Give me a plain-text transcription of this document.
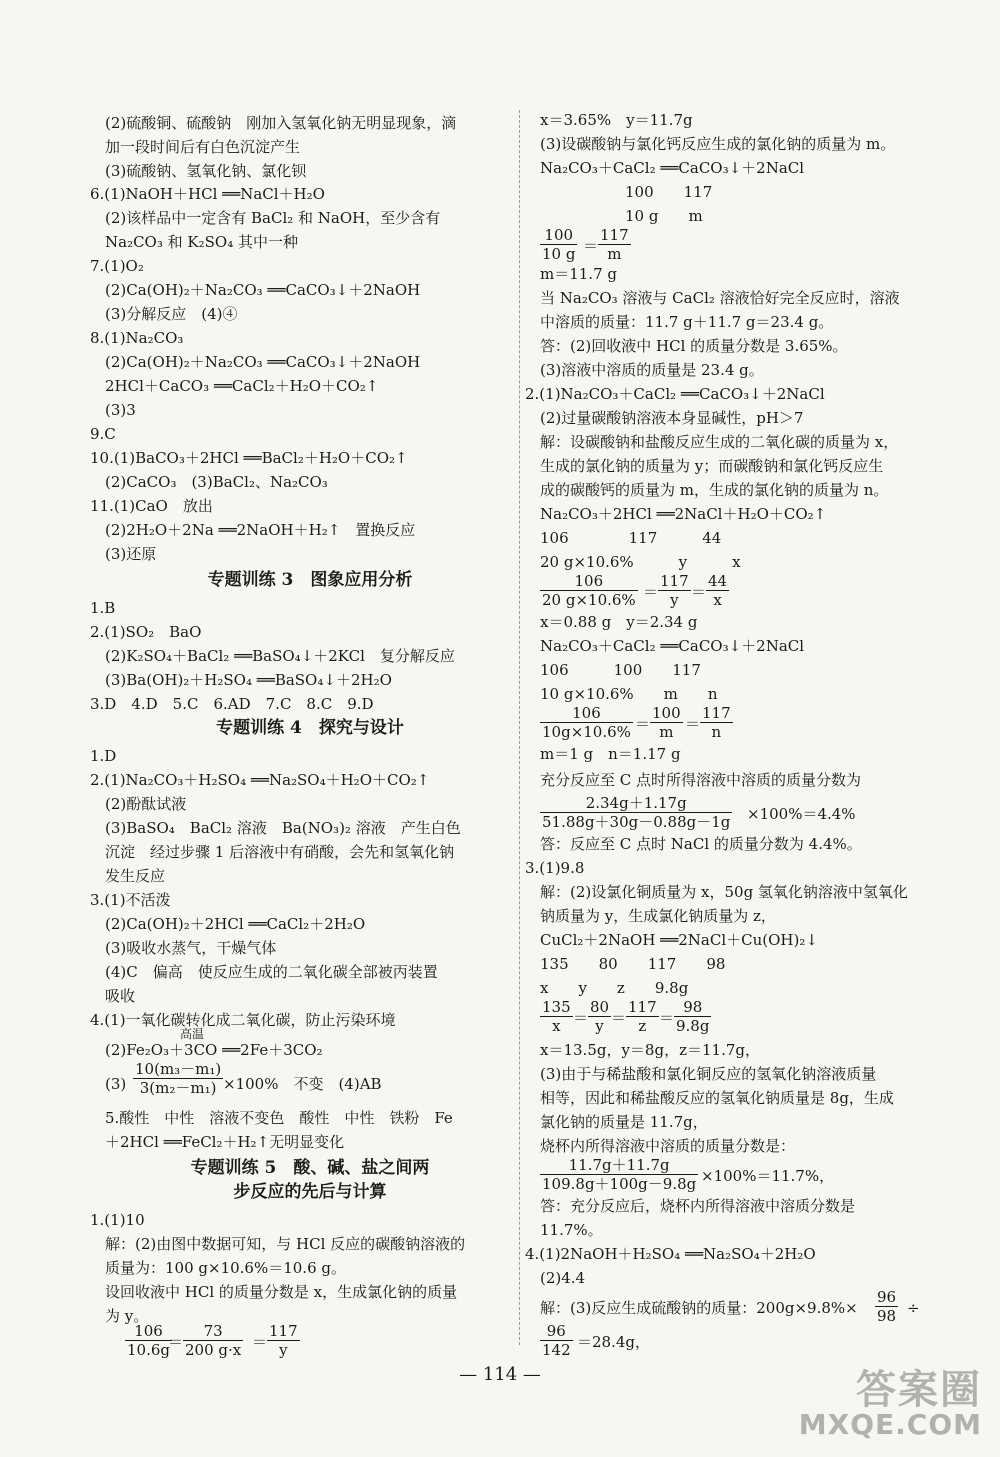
(2)硫酸铜、硫酸钠　刚加入氢氧化钠无明显现象，滴
加一段时间后有白色沉淀产生
(3)硫酸钠、氢氧化钠、氯化钡
6.(1)NaOH＋HCl ══NaCl＋H₂O
(2)该样品中一定含有 BaCl₂ 和 NaOH，至少含有
Na₂CO₃ 和 K₂SO₄ 其中一种
7.(1)O₂
(2)Ca(OH)₂＋Na₂CO₃ ══CaCO₃↓＋2NaOH
(3)分解反应　(4)④
8.(1)Na₂CO₃
(2)Ca(OH)₂＋Na₂CO₃ ══CaCO₃↓＋2NaOH
2HCl＋CaCO₃ ══CaCl₂＋H₂O＋CO₂↑
(3)3
9.C
10.(1)BaCO₃＋2HCl ══BaCl₂＋H₂O＋CO₂↑
(2)CaCO₃　(3)BaCl₂、Na₂CO₃
11.(1)CaO　放出
(2)2H₂O＋2Na ══2NaOH＋H₂↑　置换反应
(3)还原
专题训练 3　图象应用分析
1.B
2.(1)SO₂　BaO
(2)K₂SO₄＋BaCl₂ ══BaSO₄↓＋2KCl　复分解反应
(3)Ba(OH)₂＋H₂SO₄ ══BaSO₄↓＋2H₂O
3.D　4.D　5.C　6.AD　7.C　8.C　9.D
专题训练 4　探究与设计
1.D
2.(1)Na₂CO₃＋H₂SO₄ ══Na₂SO₄＋H₂O＋CO₂↑
(2)酚酞试液
(3)BaSO₄　BaCl₂ 溶液　Ba(NO₃)₂ 溶液　产生白色
沉淀　经过步骤 1 后溶液中有硝酸，会先和氢氧化钠
发生反应
3.(1)不活泼
(2)Ca(OH)₂＋2HCl ══CaCl₂＋2H₂O
(3)吸收水蒸气，干燥气体
(4)C　偏高　使反应生成的二氧化碳全部被丙装置
吸收
4.(1)一氧化碳转化成二氧化碳，防止污染环境
(2)Fe₂O₃＋3CO ══2Fe＋3CO₂
高温
$(3) \frac{\text{10(m₃－m₁)}}{\text{3(m₂－m₁)}} \times 100\%$　不变　(4)AB
5.酸性　中性　溶液不变色　酸性　中性　铁粉　Fe
＋2HCl ══FeCl₂＋H₂↑无明显变化
专题训练 5　酸、碱、盐之间两
步反应的先后与计算
1.(1)10
解：(2)由图中数据可知，与 HCl 反应的碳酸钠溶液的
质量为：100 g×10.6%＝10.6 g。
设回收液中 HCl 的质量分数是 x，生成氯化钠的质量
为 y。
x＝3.65%　y＝11.7g
(3)设碳酸钠与氯化钙反应生成的氯化钠的质量为 m。
Na₂CO₃＋CaCl₂ ══CaCO₃↓＋2NaCl
100　　117
10 g　　m
$\frac{100}{10 g} = \frac{117}{m}$
m＝11.7 g
当 Na₂CO₃ 溶液与 CaCl₂ 溶液恰好完全反应时，溶液
中溶质的质量：11.7 g＋11.7 g＝23.4 g。
答：(2)回收液中 HCl 的质量分数是 3.65%。
(3)溶液中溶质的质量是 23.4 g。
2.(1)Na₂CO₃＋CaCl₂ ══CaCO₃↓＋2NaCl
(2)过量碳酸钠溶液本身显碱性，pH＞7
解：设碳酸钠和盐酸反应生成的二氧化碳的质量为 x，
生成的氯化钠的质量为 y；而碳酸钠和氯化钙反应生
成的碳酸钙的质量为 m，生成的氯化钠的质量为 n。
Na₂CO₃＋2HCl ══2NaCl＋H₂O＋CO₂↑
106　　　　117　　　44
20 g×10.6%　　　y　　　x
$\frac{106}{20 g\times 10.6\%} = \frac{117}{y} = \frac{44}{x}$
x＝0.88 g　y＝2.34 g
Na₂CO₃＋CaCl₂ ══CaCO₃↓＋2NaCl
106　　　100　　117
10 g×10.6%　　m　　n
$\frac{106}{10g\times 10.6\%} = \frac{100}{m} = \frac{117}{n}$
m＝1 g　n＝1.17 g
充分反应至 C 点时所得溶液中溶质的质量分数为
$\frac{2.34g+1.17g}{51.88g+30g-0.88g-1g} \times 100\%=4.4\%$
答：反应至 C 点时 NaCl 的质量分数为 4.4%。
3.(1)9.8
解：(2)设氯化铜质量为 x，50g 氢氧化钠溶液中氢氧化
钠质量为 y，生成氯化钠质量为 z，
CuCl₂＋2NaOH ══2NaCl＋Cu(OH)₂↓
135　　80　　117　　98
x　　y　　z　　9.8g
$\frac{135}{x} = \frac{80}{y} = \frac{117}{z} = \frac{98}{9.8g}$
x＝13.5g，y＝8g，z＝11.7g，
(3)由于与稀盐酸和氯化铜反应的氢氧化钠溶液质量
相等，因此和稀盐酸反应的氢氧化钠质量是 8g，生成
氯化钠的质量是 11.7g，
烧杯内所得溶液中溶质的质量分数是：
$\frac{11.7g+11.7g}{109.8g+100g-9.8g} \times 100\%=11.7\%$，
答：充分反应后，烧杯内所得溶液中溶质分数是
11.7%。
4.(1)2NaOH＋H₂SO₄ ══Na₂SO₄＋2H₂O
(2)4.4
解：(3)反应生成硫酸钠的质量：$200g\times 9.8\%\times \frac{96}{98}$ ÷
$\frac{96}{142} =28.4g$，
$\frac{106}{10.6g}$
＝ $\frac{73}{200 g\cdot x} = \frac{117}{y}$
— 114 —	答案圈
MXQE.COM
